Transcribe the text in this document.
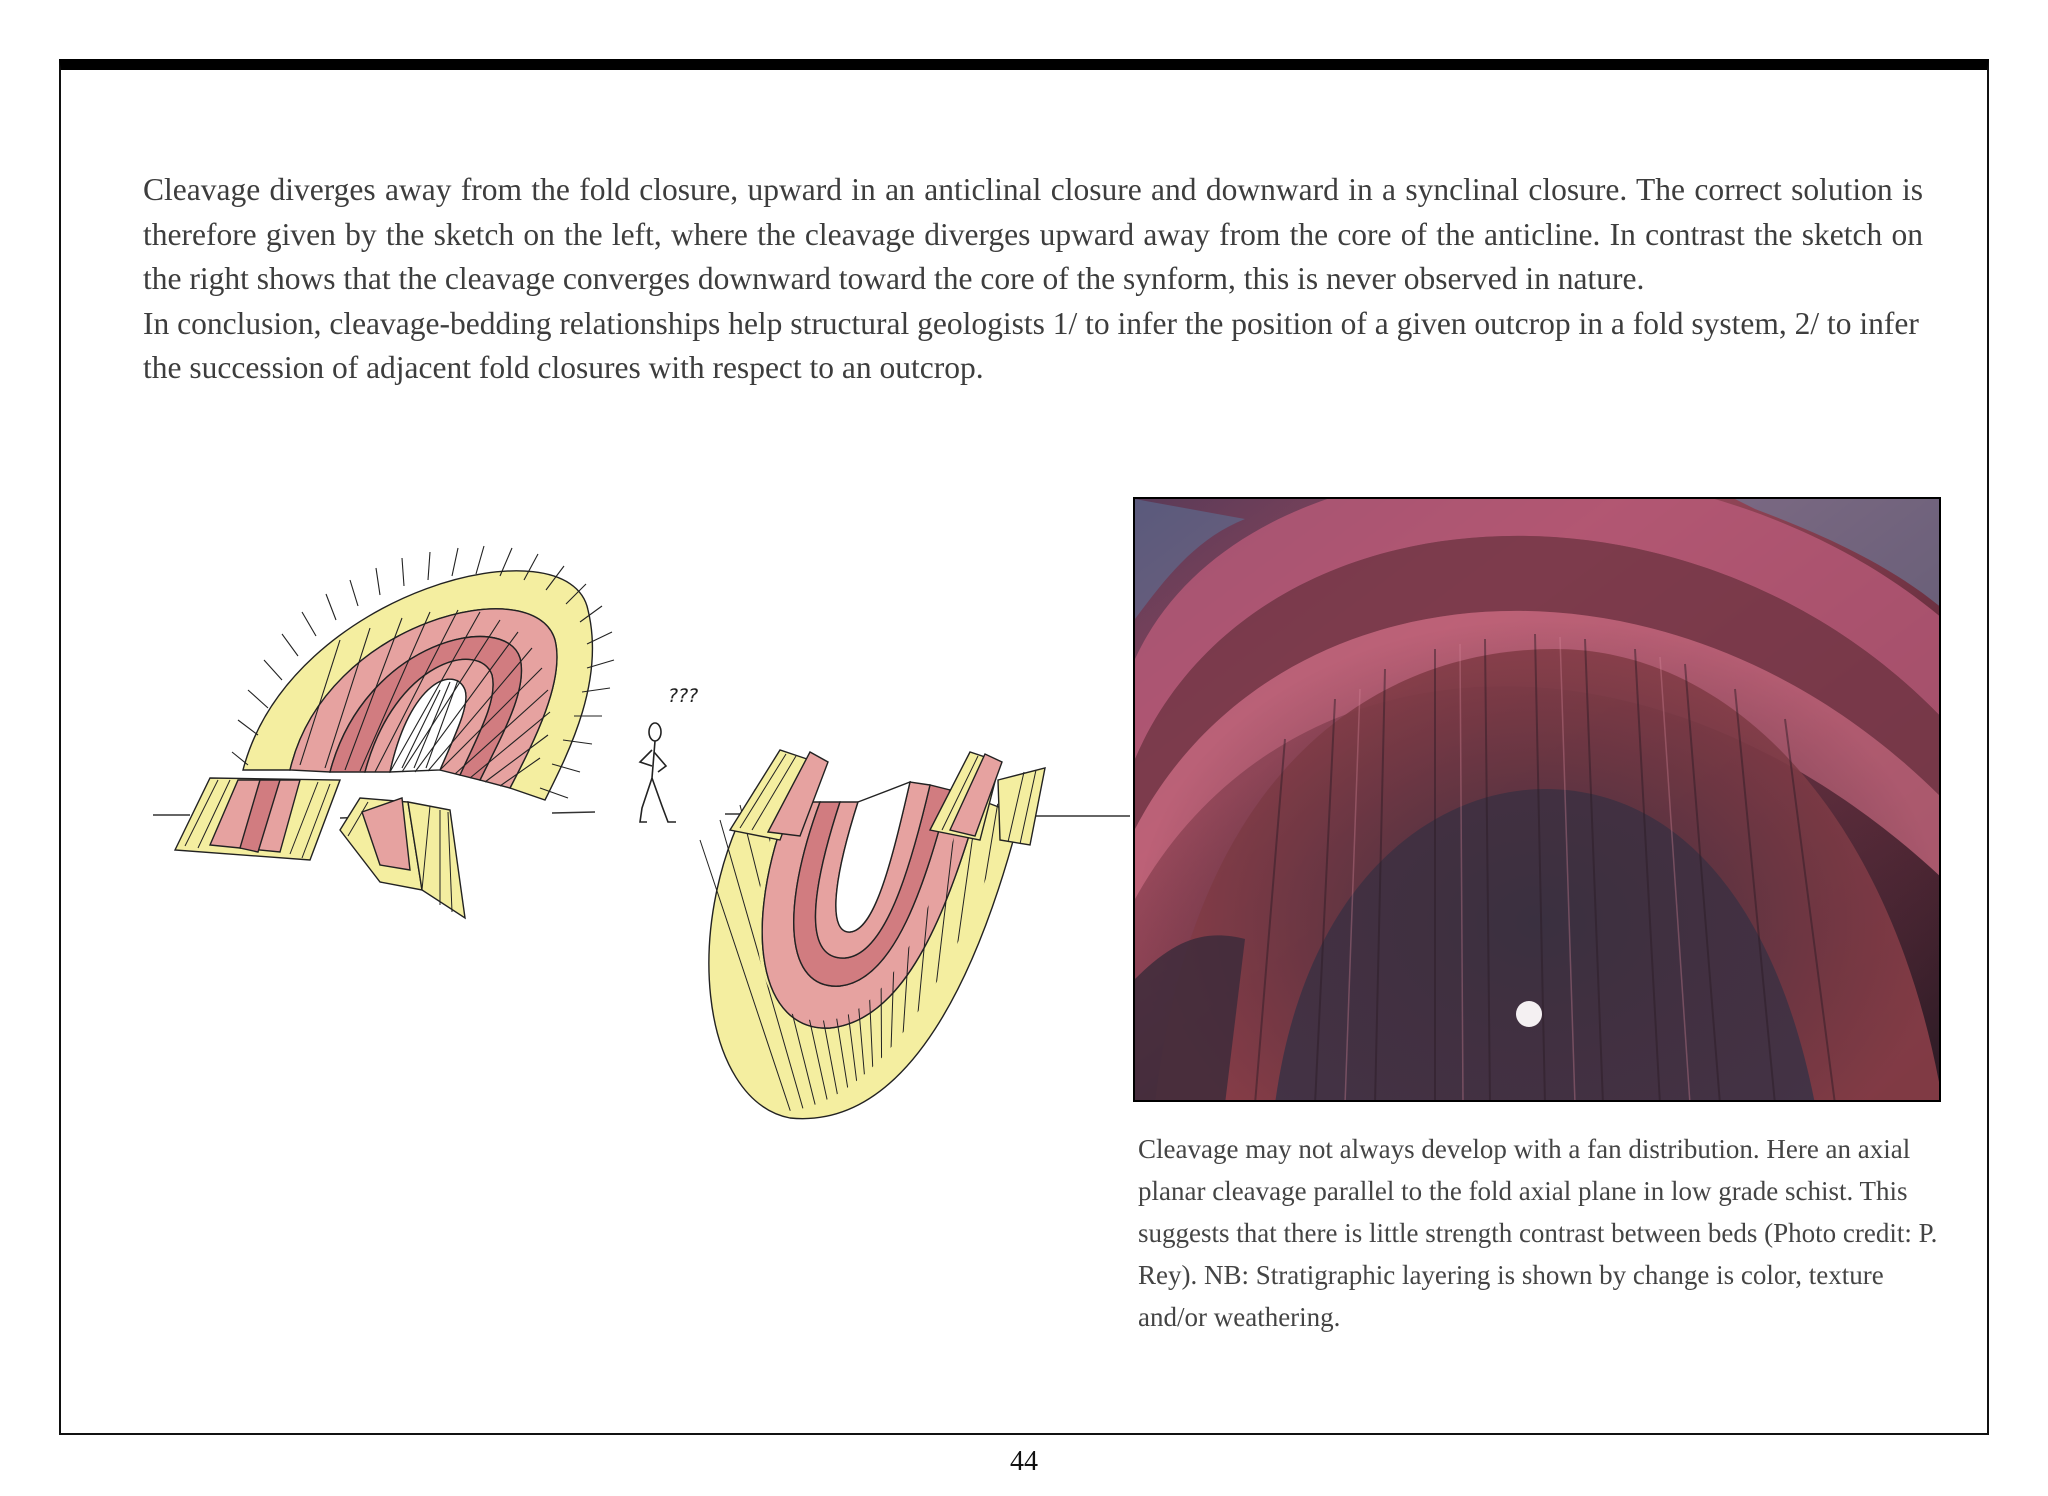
Cleavage diverges away from the fold closure, upward in an anticlinal closure and downward in a synclinal closure. The correct solution is therefore given by the sketch on the left, where the cleavage diverges upward away from the core of the anticline. In contrast the sketch on the right shows that the cleavage converges downward toward the core of the synform, this is never observed in nature.

In conclusion, cleavage-bedding relationships help structural geologists 1/ to infer the position of a given outcrop in a fold system, 2/ to infer the succession of adjacent fold closures with respect to an outcrop.

???
Cleavage may not always develop with a fan distribution. Here an axial planar cleavage parallel to the fold axial plane in low grade schist. This suggests that there is little strength contrast between beds (Photo credit: P. Rey). NB: Stratigraphic layering is shown by change is color, texture and/or weathering.
44
